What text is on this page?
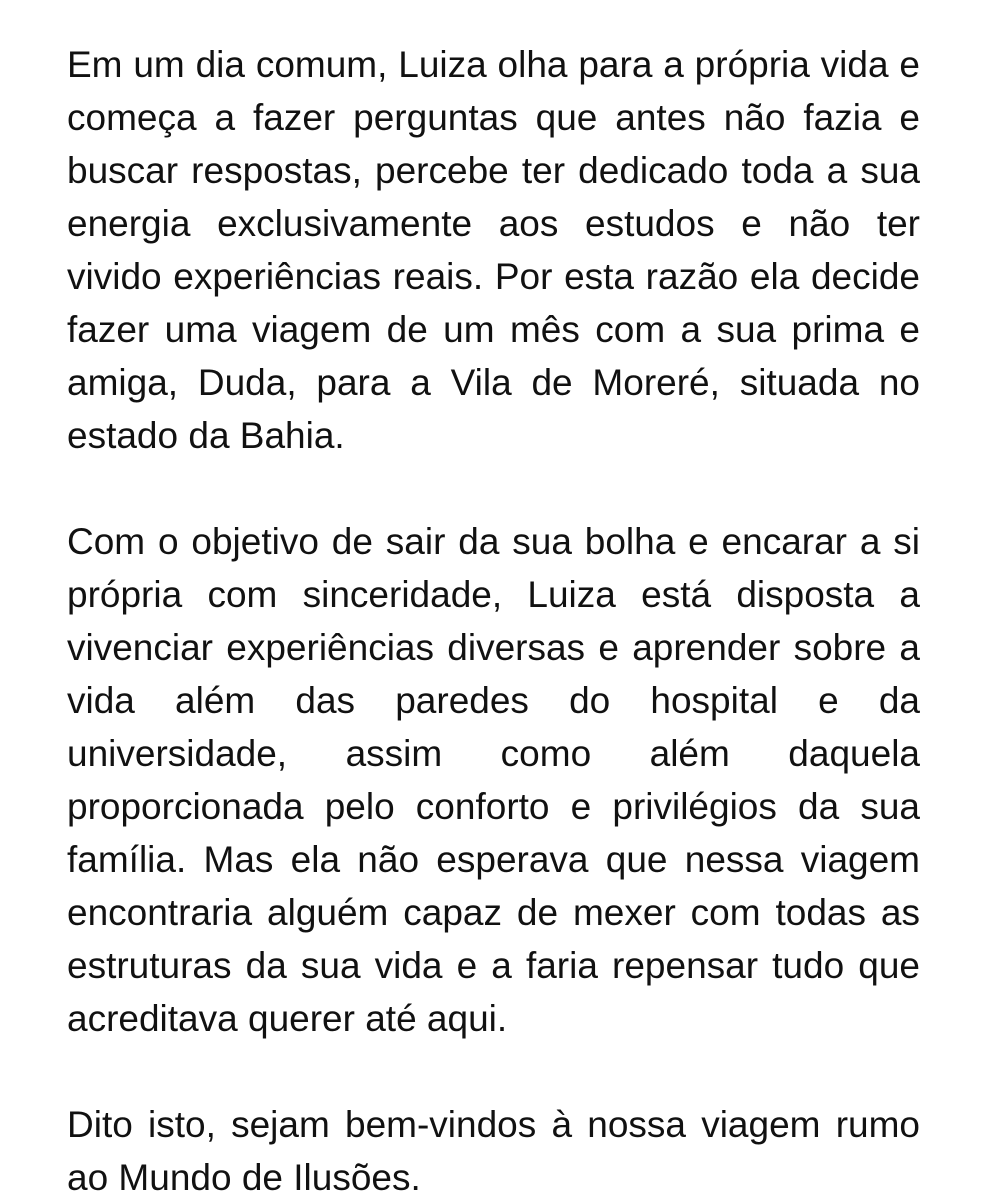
Em um dia comum, Luiza olha para a própria vida e começa a fazer perguntas que antes não fazia e buscar respostas, percebe ter dedicado toda a sua energia exclusivamente aos estudos e não ter vivido experiências reais. Por esta razão ela decide fazer uma viagem de um mês com a sua prima e amiga, Duda, para a Vila de Moreré, situada no estado da Bahia.

Com o objetivo de sair da sua bolha e encarar a si própria com sinceridade, Luiza está disposta a vivenciar experiências diversas e aprender sobre a vida além das paredes do hospital e da universidade, assim como além daquela proporcionada pelo conforto e privilégios da sua família. Mas ela não esperava que nessa viagem encontraria alguém capaz de mexer com todas as estruturas da sua vida e a faria repensar tudo que acreditava querer até aqui.

Dito isto, sejam bem-vindos à nossa viagem rumo ao Mundo de Ilusões.
